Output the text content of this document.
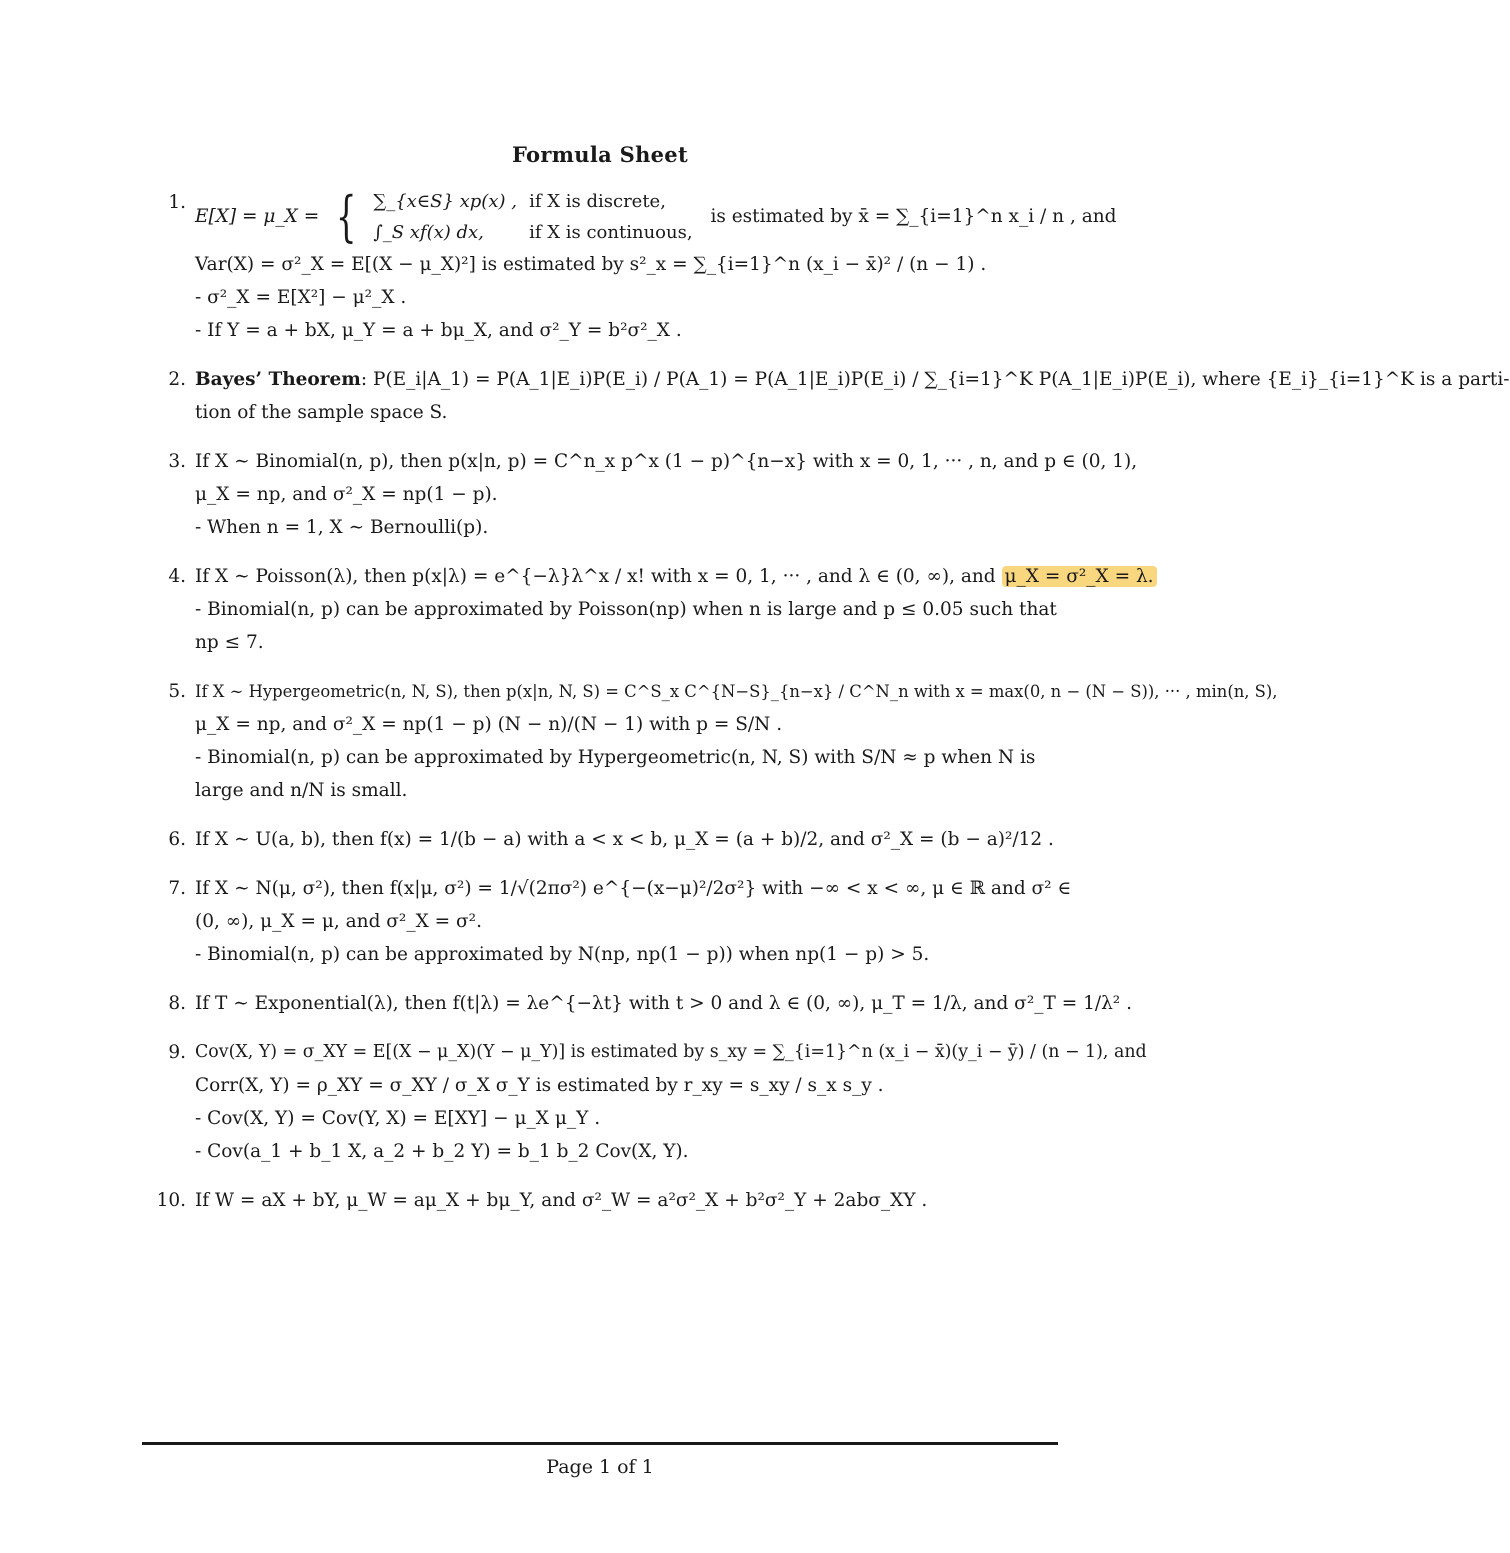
Formula Sheet
1.
E[X] = μ_X = { ∑_{x∈S} xp(x) , if X is discrete,
∫_S xf(x) dx,	if X is continuous,
is estimated by x̄ = ∑_{i=1}^n x_i / n , and
Var(X) = σ²_X = E[(X − μ_X)²] is estimated by s²_x = ∑_{i=1}^n (x_i − x̄)² / (n − 1) .
- σ²_X = E[X²] − μ²_X .
- If Y = a + bX, μ_Y = a + bμ_X, and σ²_Y = b²σ²_X .
2. Bayes’ Theorem: P(E_i|A_1) = P(A_1|E_i)P(E_i) / P(A_1) = P(A_1|E_i)P(E_i) / ∑_{i=1}^K P(A_1|E_i)P(E_i), where {E_i}_{i=1}^K is a parti-
tion of the sample space S.
3. If X ∼ Binomial(n, p), then p(x|n, p) = C^n_x p^x (1 − p)^{n−x} with x = 0, 1, ··· , n, and p ∈ (0, 1),
μ_X = np, and σ²_X = np(1 − p).
- When n = 1, X ∼ Bernoulli(p).
4. If X ∼ Poisson(λ), then p(x|λ) = e^{−λ}λ^x / x! with x = 0, 1, ··· , and λ ∈ (0, ∞), and μ_X = σ²_X = λ.
- Binomial(n, p) can be approximated by Poisson(np) when n is large and p ≤ 0.05 such that
np ≤ 7.
5. If X ∼ Hypergeometric(n, N, S), then p(x|n, N, S) = C^S_x C^{N−S}_{n−x} / C^N_n with x = max(0, n − (N − S)), ··· , min(n, S),
μ_X = np, and σ²_X = np(1 − p) (N − n)/(N − 1) with p = S/N .
- Binomial(n, p) can be approximated by Hypergeometric(n, N, S) with S/N ≈ p when N is
large and n/N is small.
6. If X ∼ U(a, b), then f(x) = 1/(b − a) with a < x < b, μ_X = (a + b)/2, and σ²_X = (b − a)²/12 .
7. If X ∼ N(μ, σ²), then f(x|μ, σ²) = 1/√(2πσ²) e^{−(x−μ)²/2σ²} with −∞ < x < ∞, μ ∈ ℝ and σ² ∈
(0, ∞), μ_X = μ, and σ²_X = σ².
- Binomial(n, p) can be approximated by N(np, np(1 − p)) when np(1 − p) > 5.
8. If T ∼ Exponential(λ), then f(t|λ) = λe^{−λt} with t > 0 and λ ∈ (0, ∞), μ_T = 1/λ, and σ²_T = 1/λ² .
9. Cov(X, Y) = σ_XY = E[(X − μ_X)(Y − μ_Y)] is estimated by s_xy = ∑_{i=1}^n (x_i − x̄)(y_i − ȳ) / (n − 1), and
Corr(X, Y) = ρ_XY = σ_XY / σ_X σ_Y is estimated by r_xy = s_xy / s_x s_y .
- Cov(X, Y) = Cov(Y, X) = E[XY] − μ_X μ_Y .
- Cov(a_1 + b_1 X, a_2 + b_2 Y) = b_1 b_2 Cov(X, Y).
10. If W = aX + bY, μ_W = aμ_X + bμ_Y, and σ²_W = a²σ²_X + b²σ²_Y + 2abσ_XY .
Page 1 of 1
